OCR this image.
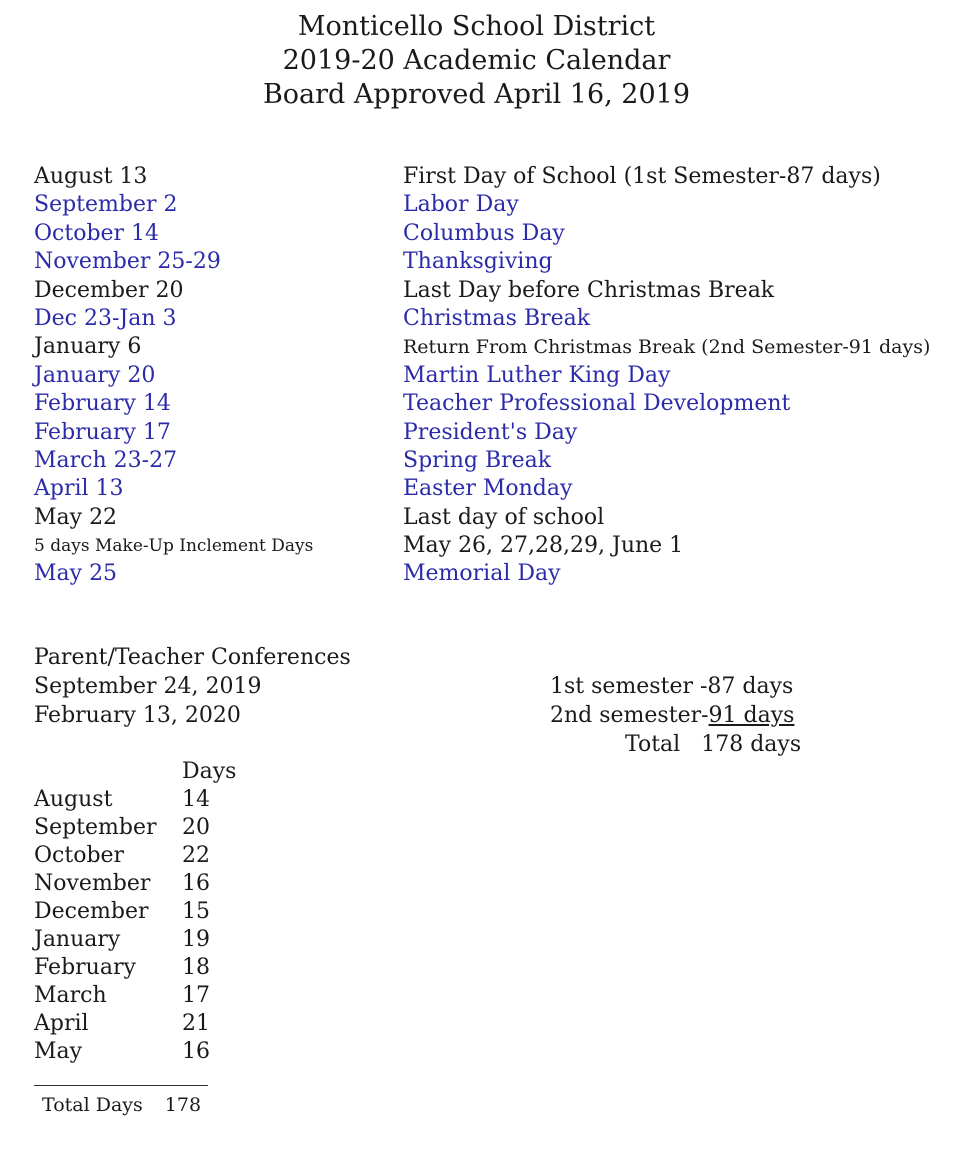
Monticello School District
2019-20 Academic Calendar
Board Approved April 16, 2019
August 13	First Day of School (1st Semester-87 days)
September 2	Labor Day
October 14	Columbus Day
November 25-29	Thanksgiving
December 20	Last Day before Christmas Break
Dec 23-Jan 3	Christmas Break
January 6	Return From Christmas Break (2nd Semester-91 days)
January 20	Martin Luther King Day
February 14	Teacher Professional Development
February 17	President's Day
March 23-27	Spring Break
April 13	Easter Monday
May 22	Last day of school
5 days Make-Up Inclement Days	May 26, 27,28,29, June 1
May 25	Memorial Day
Parent/Teacher Conferences
September 24, 2019
February 13, 2020
1st semester -87 days
2nd semester-91 days
Total 178 days
Days
August	14
September 20
October	22
November 16
December 15
January	19
February 18
March	17
April	21
May	16
Total Days 178
